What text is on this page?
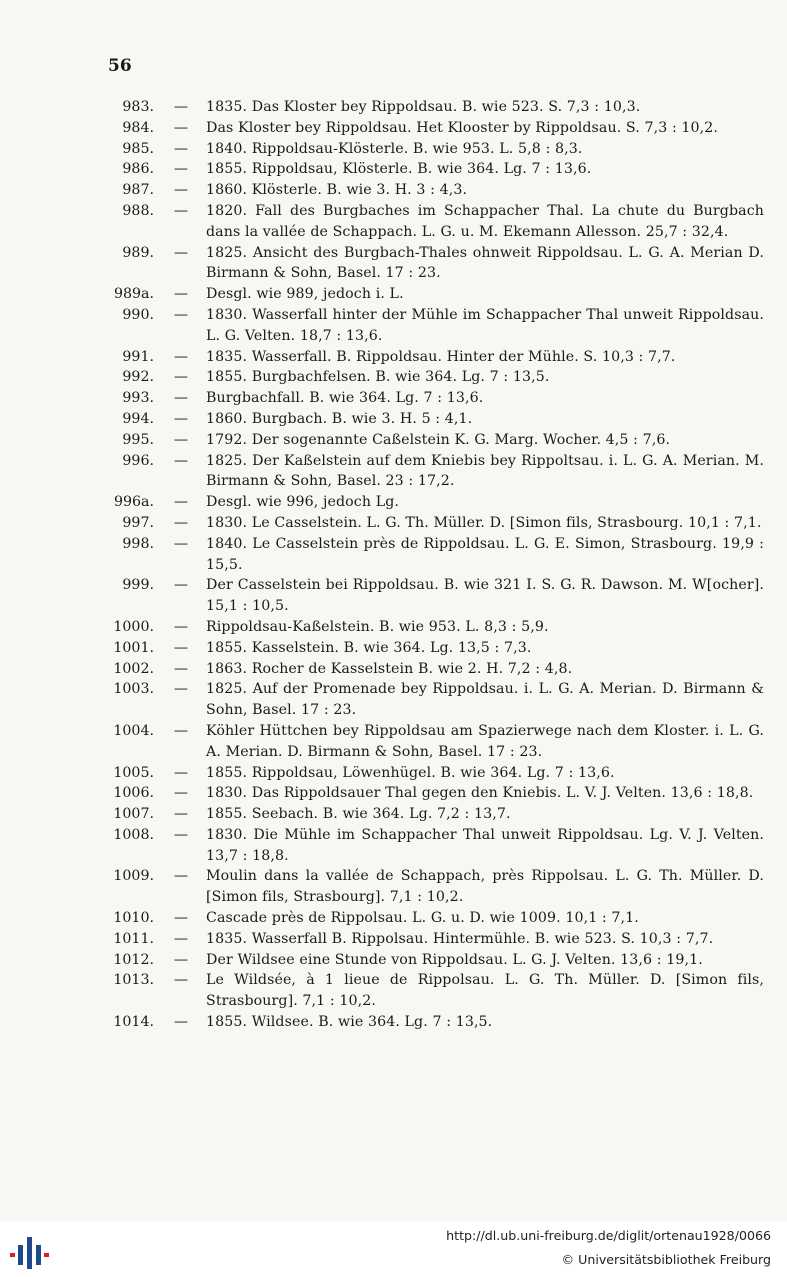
56
983. — 1835. Das Kloster bey Rippoldsau. B. wie 523. S. 7,3 : 10,3.
984. — Das Kloster bey Rippoldsau. Het Klooster by Rippoldsau. S. 7,3 : 10,2.
985. — 1840. Rippoldsau-Klösterle. B. wie 953. L. 5,8 : 8,3.
986. — 1855. Rippoldsau, Klösterle. B. wie 364. Lg. 7 : 13,6.
987. — 1860. Klösterle. B. wie 3. H. 3 : 4,3.
988. — 1820. Fall des Burgbaches im Schappacher Thal. La chute du Burgbach dans la vallée de Schappach. L. G. u. M. Ekemann Allesson. 25,7 : 32,4.
989. — 1825. Ansicht des Burgbach-Thales ohnweit Rippoldsau. L. G. A. Merian D. Birmann & Sohn, Basel. 17 : 23.
989a. — Desgl. wie 989, jedoch i. L.
990. — 1830. Wasserfall hinter der Mühle im Schappacher Thal unweit Rippoldsau. L. G. Velten. 18,7 : 13,6.
991. — 1835. Wasserfall. B. Rippoldsau. Hinter der Mühle. S. 10,3 : 7,7.
992. — 1855. Burgbachfelsen. B. wie 364. Lg. 7 : 13,5.
993. — Burgbachfall. B. wie 364. Lg. 7 : 13,6.
994. — 1860. Burgbach. B. wie 3. H. 5 : 4,1.
995. — 1792. Der sogenannte Caßelstein K. G. Marg. Wocher. 4,5 : 7,6.
996. — 1825. Der Kaßelstein auf dem Kniebis bey Rippoltsau. i. L. G. A. Merian. M. Birmann & Sohn, Basel. 23 : 17,2.
996a. — Desgl. wie 996, jedoch Lg.
997. — 1830. Le Casselstein. L. G. Th. Müller. D. [Simon fils, Strasbourg. 10,1 : 7,1.
998. — 1840. Le Casselstein près de Rippoldsau. L. G. E. Simon, Strasbourg. 19,9 : 15,5.
999. — Der Casselstein bei Rippoldsau. B. wie 321 I. S. G. R. Dawson. M. W[ocher]. 15,1 : 10,5.
1000. — Rippoldsau-Kaßelstein. B. wie 953. L. 8,3 : 5,9.
1001. — 1855. Kasselstein. B. wie 364. Lg. 13,5 : 7,3.
1002. — 1863. Rocher de Kasselstein B. wie 2. H. 7,2 : 4,8.
1003. — 1825. Auf der Promenade bey Rippoldsau. i. L. G. A. Merian. D. Birmann & Sohn, Basel. 17 : 23.
1004. — Köhler Hüttchen bey Rippoldsau am Spazierwege nach dem Kloster. i. L. G. A. Merian. D. Birmann & Sohn, Basel. 17 : 23.
1005. — 1855. Rippoldsau, Löwenhügel. B. wie 364. Lg. 7 : 13,6.
1006. — 1830. Das Rippoldsauer Thal gegen den Kniebis. L. V. J. Velten. 13,6 : 18,8.
1007. — 1855. Seebach. B. wie 364. Lg. 7,2 : 13,7.
1008. — 1830. Die Mühle im Schappacher Thal unweit Rippoldsau. Lg. V. J. Velten. 13,7 : 18,8.
1009. — Moulin dans la vallée de Schappach, près Rippolsau. L. G. Th. Müller. D. [Simon fils, Strasbourg]. 7,1 : 10,2.
1010. — Cascade près de Rippolsau. L. G. u. D. wie 1009. 10,1 : 7,1.
1011. — 1835. Wasserfall B. Rippolsau. Hintermühle. B. wie 523. S. 10,3 : 7,7.
1012. — Der Wildsee eine Stunde von Rippoldsau. L. G. J. Velten. 13,6 : 19,1.
1013. — Le Wildsée, à 1 lieue de Rippolsau. L. G. Th. Müller. D. [Simon fils, Strasbourg]. 7,1 : 10,2.
1014. — 1855. Wildsee. B. wie 364. Lg. 7 : 13,5.
http://dl.ub.uni-freiburg.de/diglit/ortenau1928/0066
© Universitätsbibliothek Freiburg
